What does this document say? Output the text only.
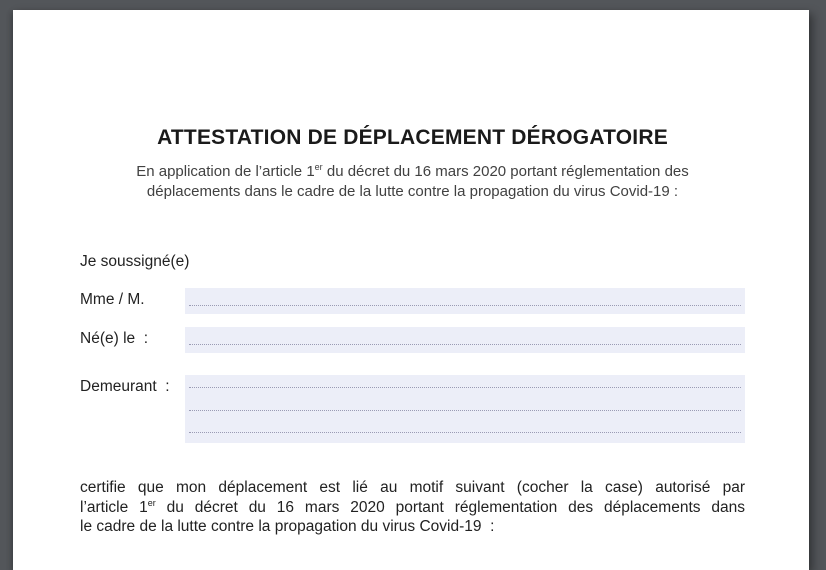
ATTESTATION DE DÉPLACEMENT DÉROGATOIRE

En application de l’article 1er du décret du 16 mars 2020 portant réglementation des
déplacements dans le cadre de la lutte contre la propagation du virus Covid-19 :

Je soussigné(e)
Mme / M.
Né(e) le  :
Demeurant  :

certifie que mon déplacement est lié au motif suivant (cocher la case) autorisé par
l’article 1er du décret du 16 mars 2020 portant réglementation des déplacements dans
le cadre de la lutte contre la propagation du virus Covid-19  :
